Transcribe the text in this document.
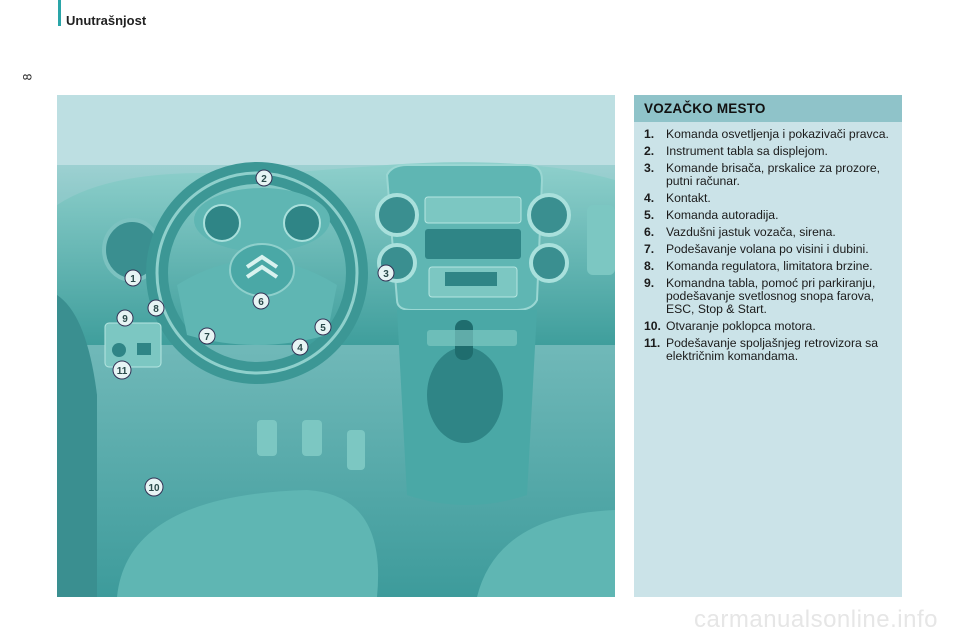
Unutrašnjost
8
1
2
3
4
5
6
7
8
9
10
11
VOZAČKO MESTO
1. Komanda osvetljenja i pokazivači pravca.
2. Instrument tabla sa displejom.
3. Komande brisača, prskalice za prozore, putni računar.
4. Kontakt.
5. Komanda autoradija.
6. Vazdušni jastuk vozača, sirena.
7. Podešavanje volana po visini i dubini.
8. Komanda regulatora, limitatora brzine.
9. Komandna tabla, pomoć pri parkiranju, podešavanje svetlosnog snopa farova, ESC, Stop & Start.
10. Otvaranje poklopca motora.
11. Podešavanje spoljašnjeg retrovizora sa električnim komandama.
carmanualsonline.info
